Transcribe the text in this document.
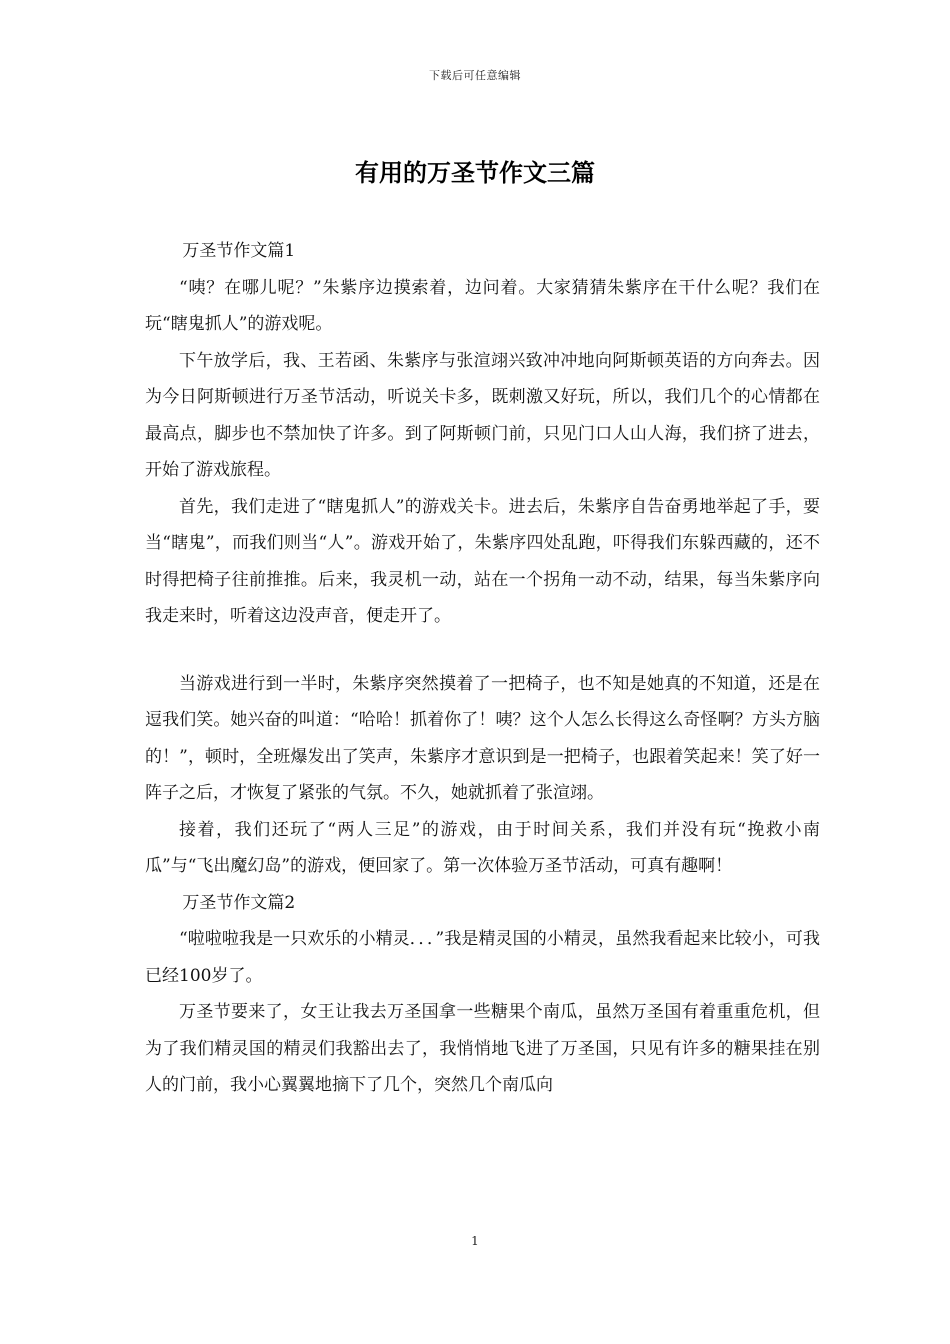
下载后可任意编辑
有用的万圣节作文三篇

万圣节作文篇1

“咦？在哪儿呢？”朱紫序边摸索着，边问着。大家猜猜朱紫序在干什么呢？我们在玩“瞎鬼抓人”的游戏呢。

下午放学后，我、王若函、朱紫序与张渲翊兴致冲冲地向阿斯顿英语的方向奔去。因为今日阿斯顿进行万圣节活动，听说关卡多，既刺激又好玩，所以，我们几个的心情都在最高点，脚步也不禁加快了许多。到了阿斯顿门前，只见门口人山人海，我们挤了进去，开始了游戏旅程。

首先，我们走进了“瞎鬼抓人”的游戏关卡。进去后，朱紫序自告奋勇地举起了手，要当“瞎鬼”，而我们则当“人”。游戏开始了，朱紫序四处乱跑，吓得我们东躲西藏的，还不时得把椅子往前推推。后来，我灵机一动，站在一个拐角一动不动，结果，每当朱紫序向我走来时，听着这边没声音，便走开了。

当游戏进行到一半时，朱紫序突然摸着了一把椅子，也不知是她真的不知道，还是在逗我们笑。她兴奋的叫道：“哈哈！抓着你了！咦？这个人怎么长得这么奇怪啊？方头方脑的！”，顿时，全班爆发出了笑声，朱紫序才意识到是一把椅子，也跟着笑起来！笑了好一阵子之后，才恢复了紧张的气氛。不久，她就抓着了张渲翊。

接着，我们还玩了“两人三足”的游戏，由于时间关系，我们并没有玩“挽救小南瓜”与“飞出魔幻岛”的游戏，便回家了。第一次体验万圣节活动，可真有趣啊！

万圣节作文篇2

“啦啦啦我是一只欢乐的小精灵．．．”我是精灵国的小精灵，虽然我看起来比较小，可我已经100岁了。

万圣节要来了，女王让我去万圣国拿一些糖果个南瓜，虽然万圣国有着重重危机，但为了我们精灵国的精灵们我豁出去了，我悄悄地飞进了万圣国，只见有许多的糖果挂在别人的门前，我小心翼翼地摘下了几个，突然几个南瓜向

1
